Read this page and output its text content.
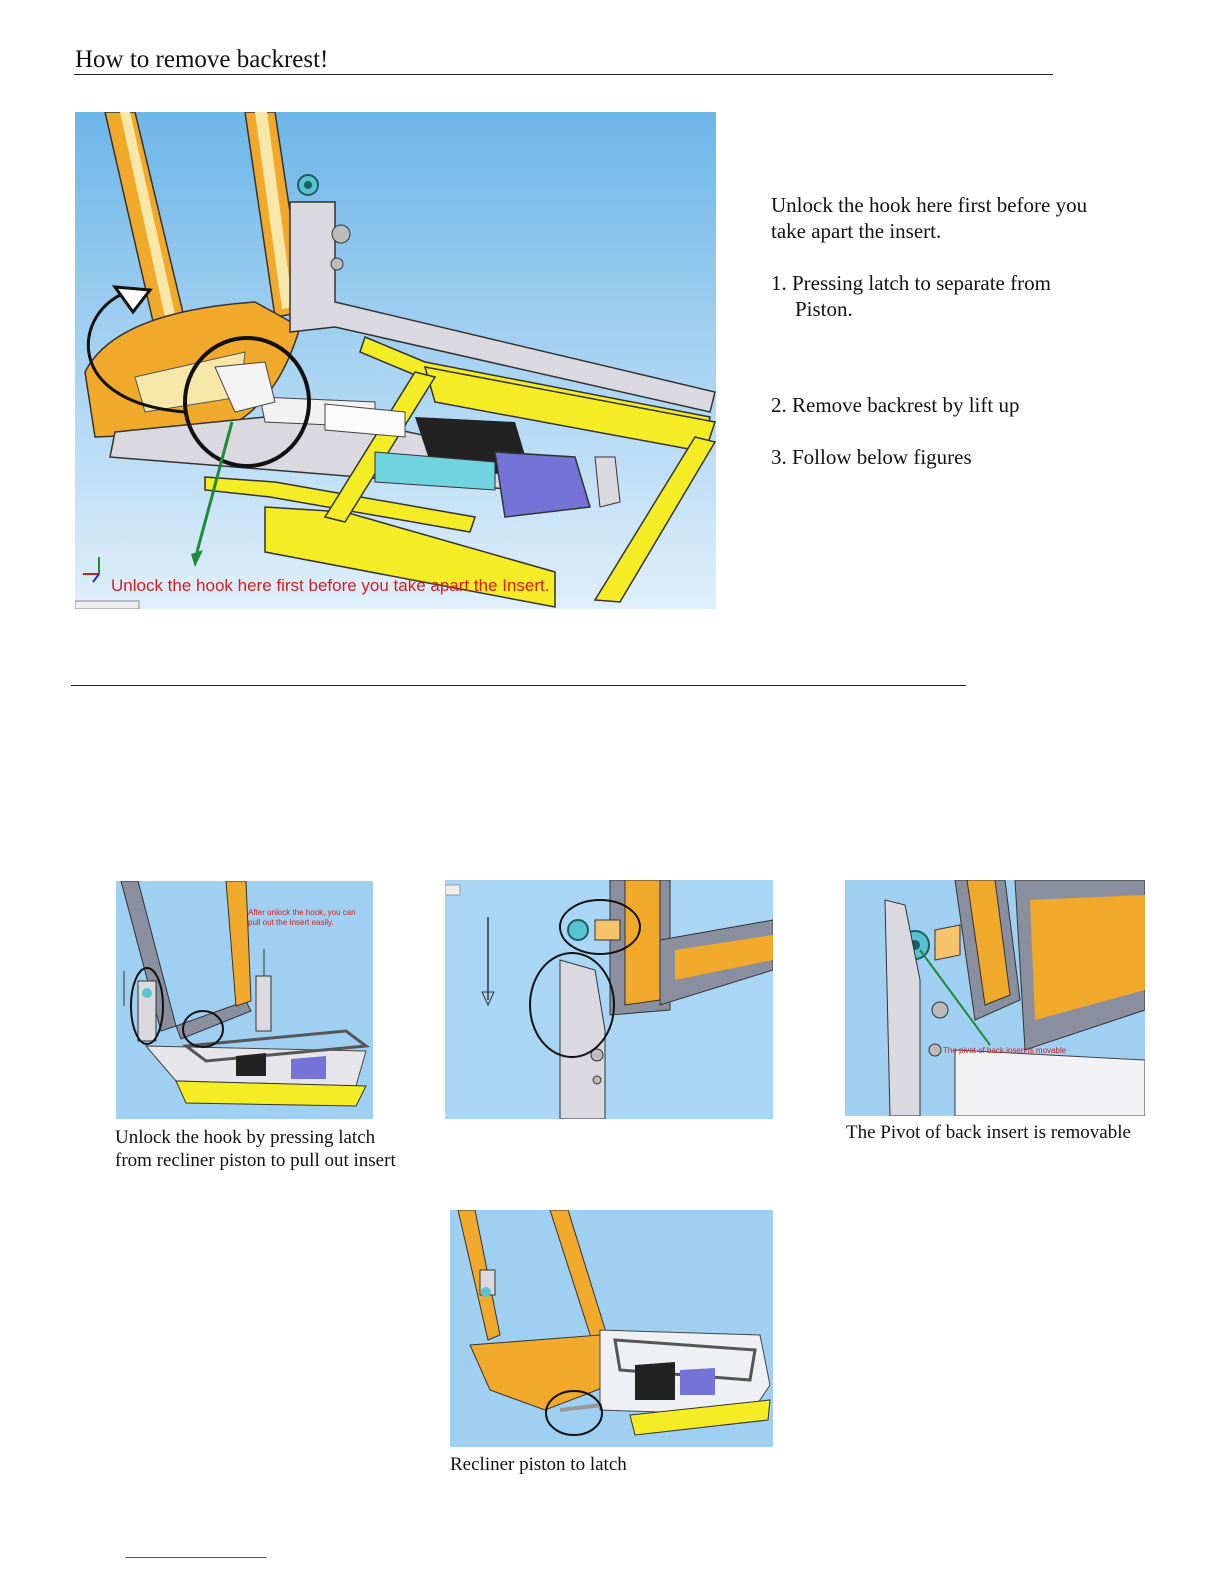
How to remove backrest!
Unlock the hook here first before you take apart the Insert.

Unlock the hook here first before you

take apart the insert.

1. Pressing latch to separate from

Piston.

2. Remove backrest by lift up

3. Follow below figures

After unlock the hook, you can
pull out the Insert easily.
Unlock the hook by pressing latch
from recliner piston to pull out insert
The pivot of back insert is movable
The Pivot of back insert is removable
Recliner piston to latch
